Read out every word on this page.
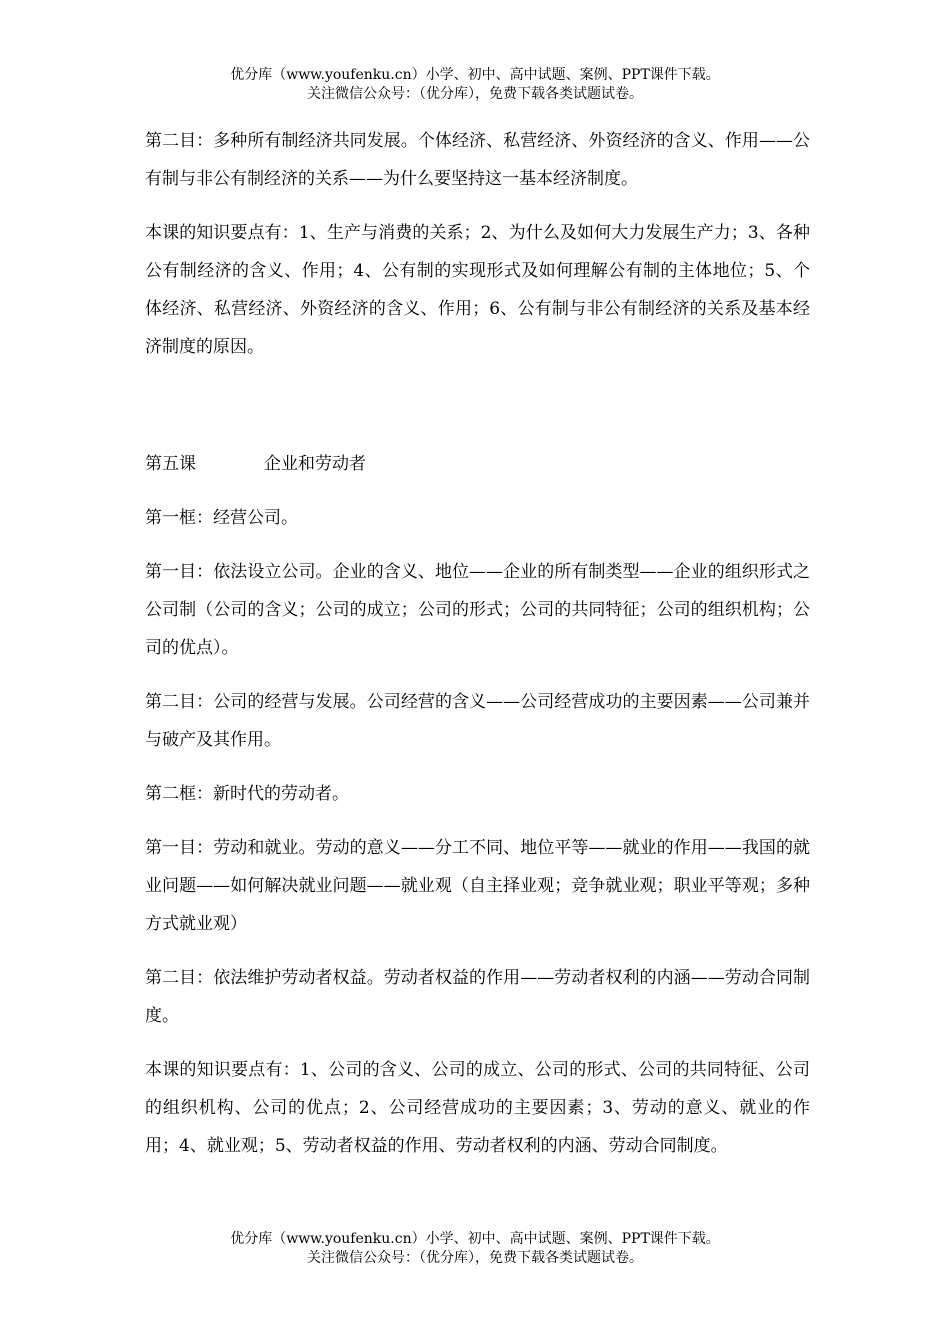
优分库（www.youfenku.cn）小学、初中、高中试题、案例、PPT课件下载。
关注微信公众号：（优分库），免费下载各类试题试卷。

第二目：多种所有制经济共同发展。个体经济、私营经济、外资经济的含义、作用——公有制与非公有制经济的关系——为什么要坚持这一基本经济制度。

本课的知识要点有：1、生产与消费的关系；2、为什么及如何大力发展生产力；3、各种公有制经济的含义、作用；4、公有制的实现形式及如何理解公有制的主体地位；5、个体经济、私营经济、外资经济的含义、作用；6、公有制与非公有制经济的关系及基本经济制度的原因。

第五课	企业和劳动者

第一框：经营公司。

第一目：依法设立公司。企业的含义、地位——企业的所有制类型——企业的组织形式之公司制（公司的含义；公司的成立；公司的形式；公司的共同特征；公司的组织机构；公司的优点）。

第二目：公司的经营与发展。公司经营的含义——公司经营成功的主要因素——公司兼并与破产及其作用。

第二框：新时代的劳动者。

第一目：劳动和就业。劳动的意义——分工不同、地位平等——就业的作用——我国的就业问题——如何解决就业问题——就业观（自主择业观；竞争就业观；职业平等观；多种方式就业观）

第二目：依法维护劳动者权益。劳动者权益的作用——劳动者权利的内涵——劳动合同制度。

本课的知识要点有：1、公司的含义、公司的成立、公司的形式、公司的共同特征、公司的组织机构、公司的优点；2、公司经营成功的主要因素；3、劳动的意义、就业的作用；4、就业观；5、劳动者权益的作用、劳动者权利的内涵、劳动合同制度。

优分库（www.youfenku.cn）小学、初中、高中试题、案例、PPT课件下载。
关注微信公众号：（优分库），免费下载各类试题试卷。
